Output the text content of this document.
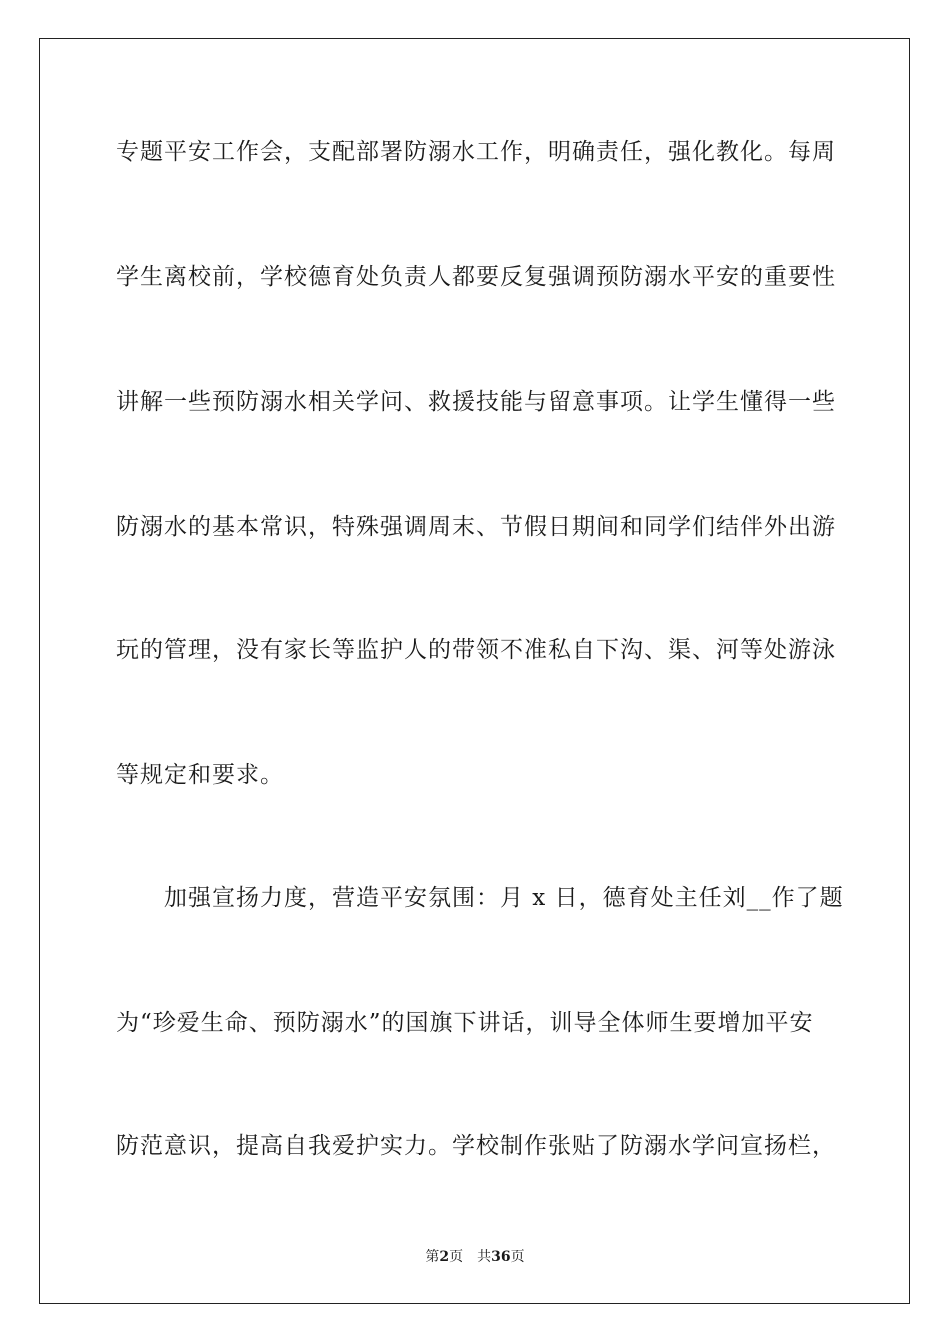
专题平安工作会，支配部署防溺水工作，明确责任，强化教化。每周

学生离校前，学校德育处负责人都要反复强调预防溺水平安的重要性

讲解一些预防溺水相关学问、救援技能与留意事项。让学生懂得一些

防溺水的基本常识，特殊强调周末、节假日期间和同学们结伴外出游

玩的管理，没有家长等监护人的带领不准私自下沟、渠、河等处游泳

等规定和要求。

加强宣扬力度，营造平安氛围：月 x 日，德育处主任刘__作了题

为“珍爱生命、预防溺水”的国旗下讲话，训导全体师生要增加平安

防范意识，提高自我爱护实力。学校制作张贴了防溺水学问宣扬栏，

第2页 共36页
